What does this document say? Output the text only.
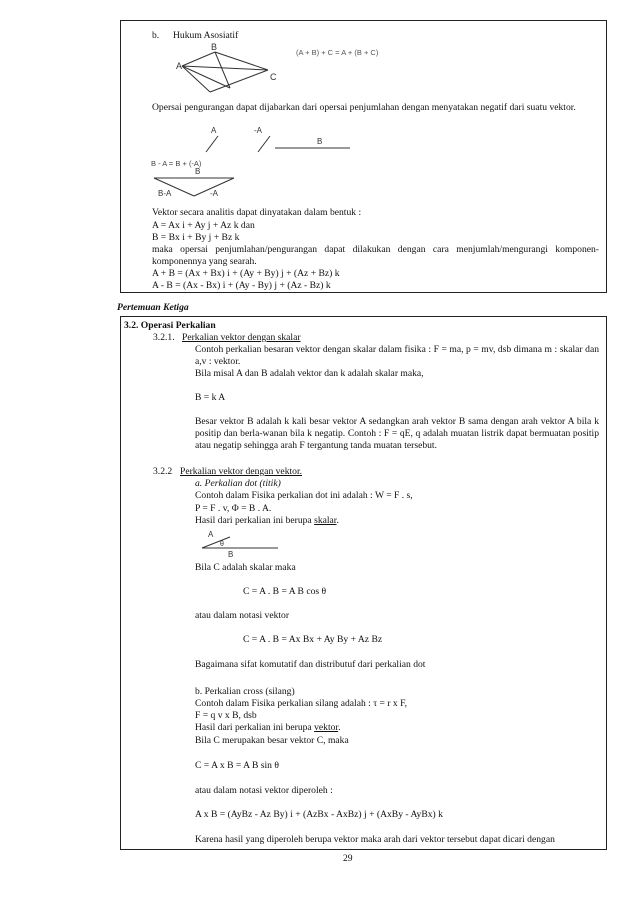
b. Hukum Asosiatif
A
B
C
(A + B) + C = A + (B + C)
Opersai pengurangan dapat dijabarkan dari opersai penjumlahan dengan menyatakan negatif dari suatu vektor.
A	-A
B
B
B-A	-A
B - A = B + (-A)
Vektor secara analitis dapat dinyatakan dalam bentuk :
A = Ax i + Ay j + Az k dan
B = Bx i + By j + Bz k
maka opersai penjumlahan/pengurangan dapat dilakukan dengan cara menjumlah/mengurangi komponen-komponennya yang searah.
A + B = (Ax + Bx) i + (Ay + By) j + (Az + Bz) k
A - B = (Ax - Bx) i + (Ay - By) j + (Az - Bz) k
Pertemuan Ketiga
3.2. Operasi Perkalian
3.2.1. Perkalian vektor dengan skalar
Contoh perkalian besaran vektor dengan skalar dalam fisika : F = ma, p = mv, dsb dimana m : skalar dan a,v : vektor.
Bila misal A dan B adalah vektor dan k adalah skalar maka,
B = k A
Besar vektor B adalah k kali besar vektor A sedangkan arah vektor B sama dengan arah vektor A bila k positip dan berla-wanan bila k negatip. Contoh : F = qE, q adalah muatan listrik dapat bermuatan positip atau negatip sehingga arah F tergantung tanda muatan tersebut.
3.2.2 Perkalian vektor dengan vektor.
a. Perkalian dot (titik)
Contoh dalam Fisika perkalian dot ini adalah : W = F . s,
P = F . v, Φ = B . A.
Hasil dari perkalian ini berupa skalar.
A
θ
B
Bila C adalah skalar maka
C = A . B = A B cos θ
atau dalam notasi vektor
C = A . B = Ax Bx + Ay By + Az Bz
Bagaimana sifat komutatif dan distributuf dari perkalian dot
b. Perkalian cross (silang)
Contoh dalam Fisika perkalian silang adalah : τ = r x F,
F = q v x B, dsb
Hasil dari perkalian ini berupa vektor.
Bila C merupakan besar vektor C, maka
C = A x B = A B sin θ
atau dalam notasi vektor diperoleh :
A x B = (AyBz - Az By) i + (AzBx - AxBz) j + (AxBy - AyBx) k
Karena hasil yang diperoleh berupa vektor maka arah dari vektor tersebut dapat dicari dengan
29
